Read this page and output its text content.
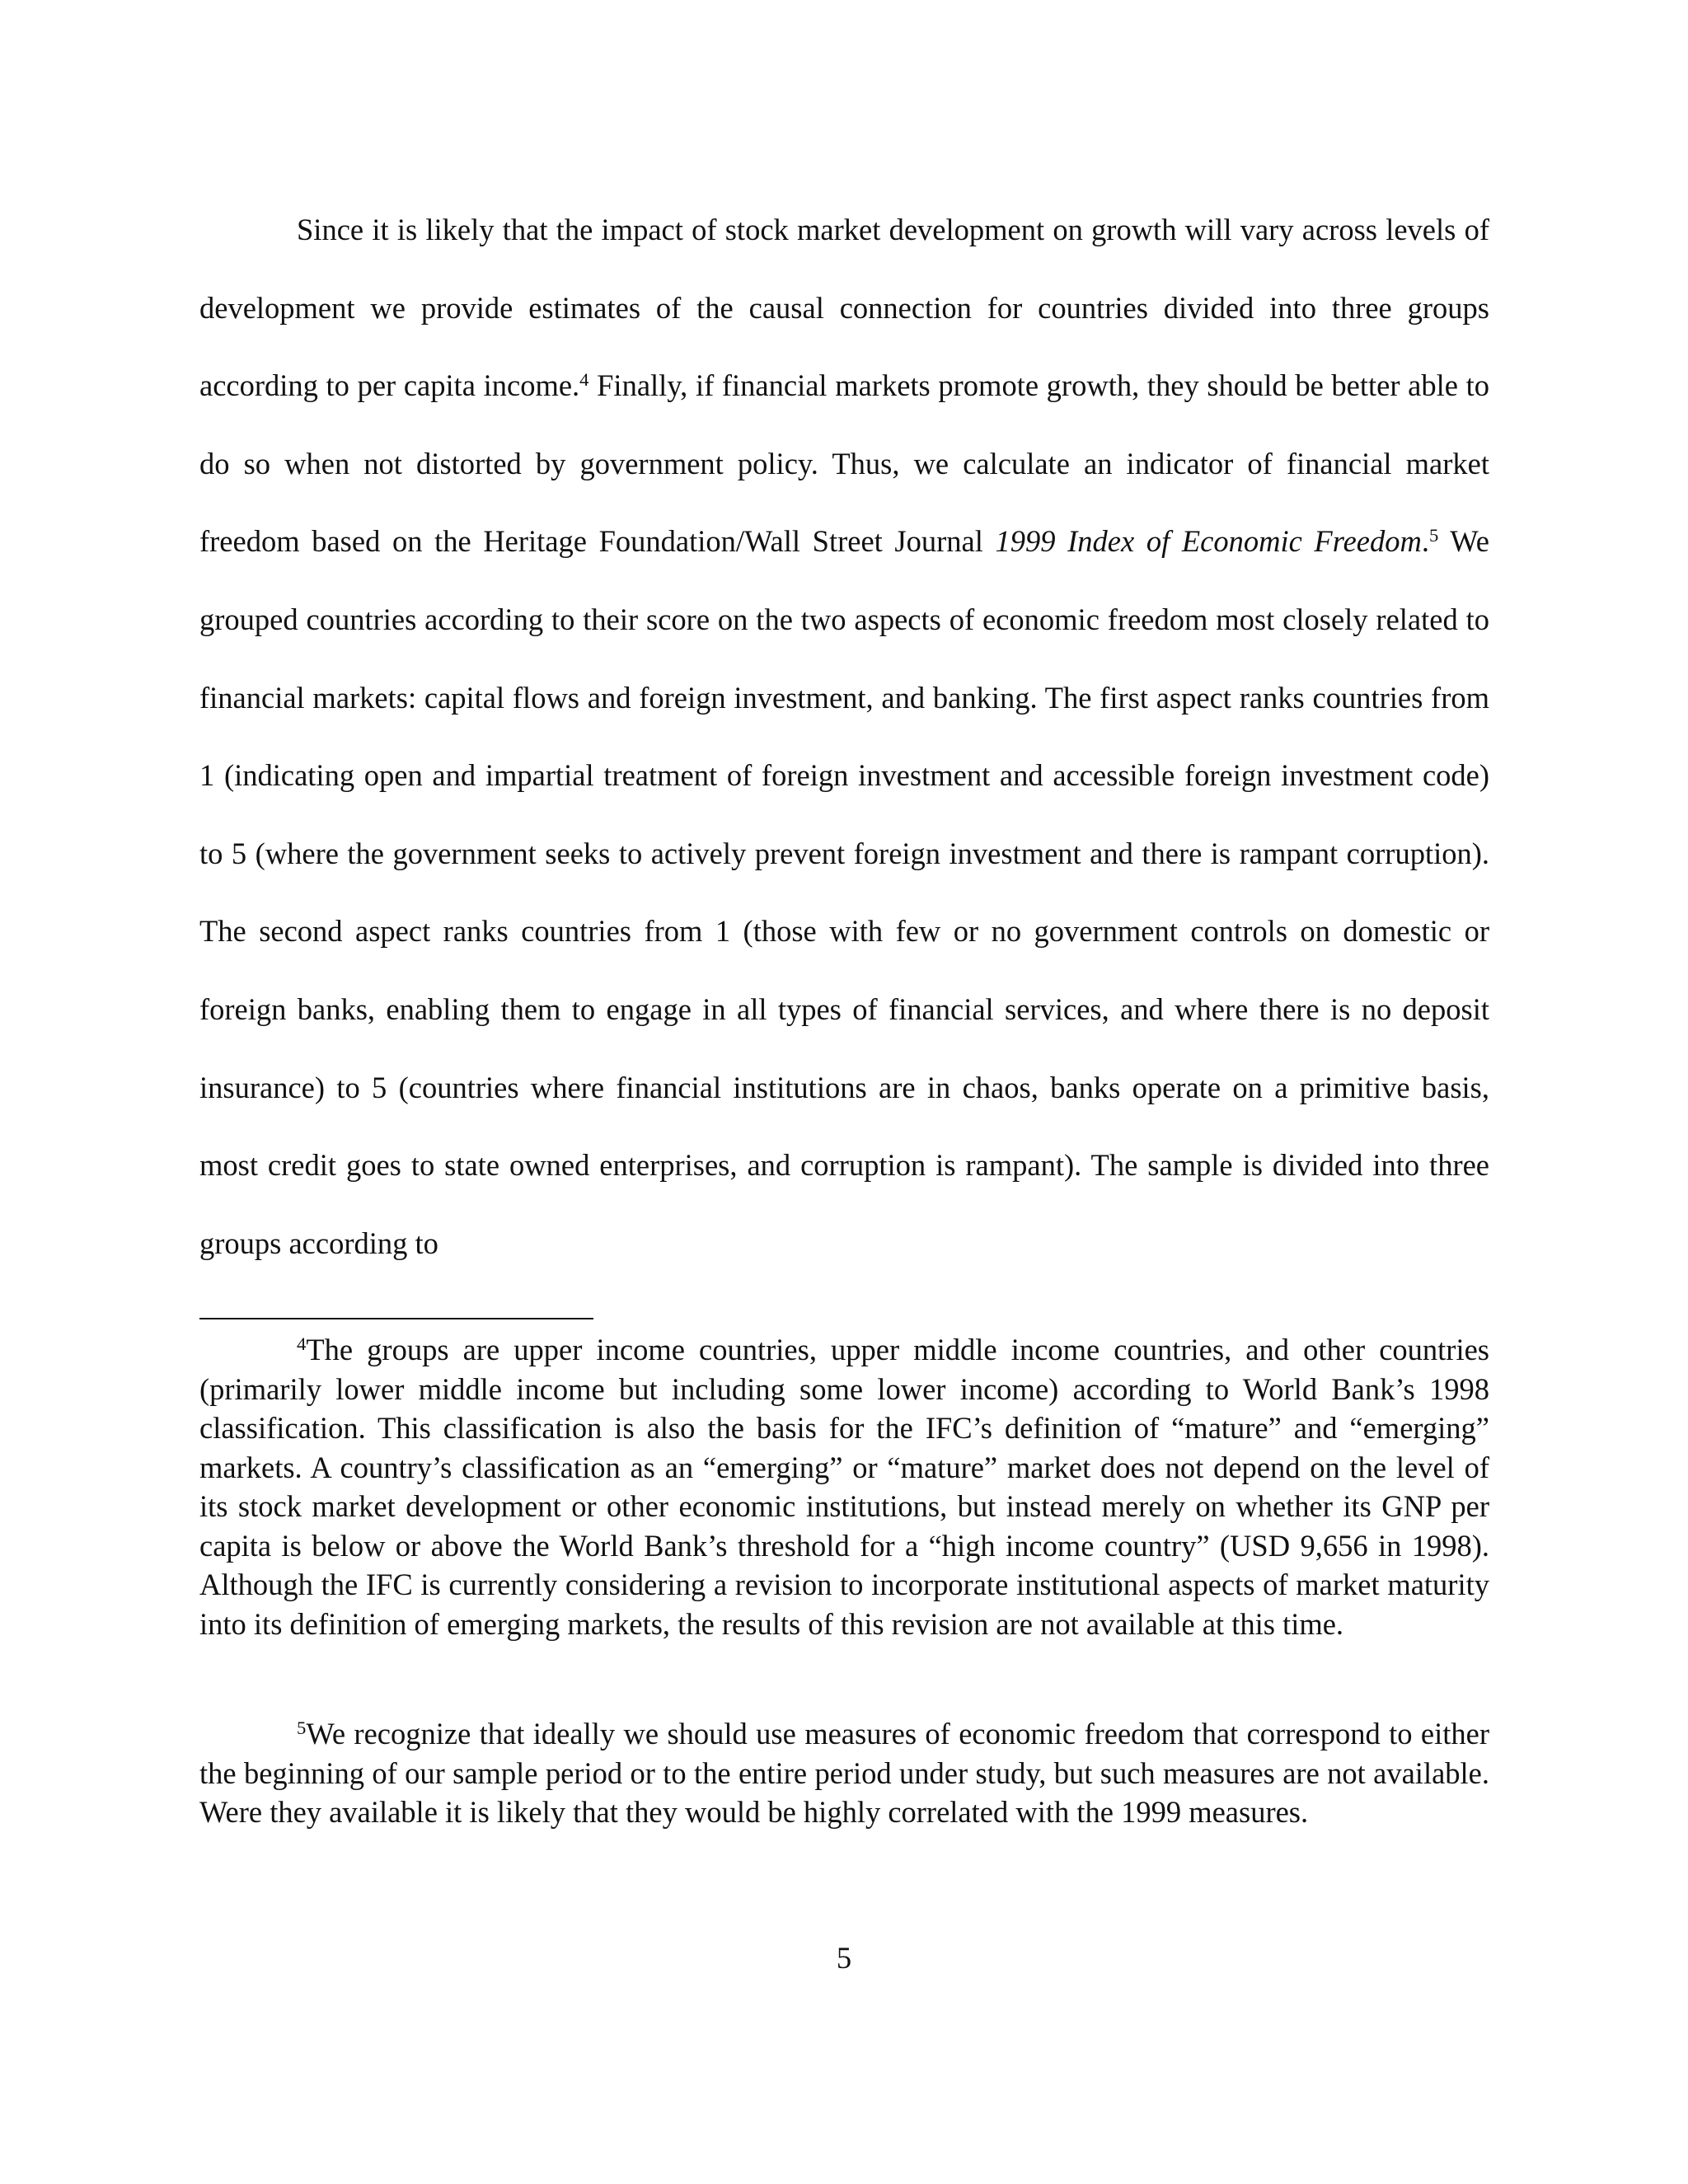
Since it is likely that the impact of stock market development on growth will vary across levels of development we provide estimates of the causal connection for countries divided into three groups according to per capita income.$^4$ Finally, if financial markets promote growth, they should be better able to do so when not distorted by government policy. Thus, we calculate an indicator of financial market freedom based on the Heritage Foundation/Wall Street Journal 1999 Index of Economic Freedom.$^5$ We grouped countries according to their score on the two aspects of economic freedom most closely related to financial markets: capital flows and foreign investment, and banking. The first aspect ranks countries from 1 (indicating open and impartial treatment of foreign investment and accessible foreign investment code) to 5 (where the government seeks to actively prevent foreign investment and there is rampant corruption). The second aspect ranks countries from 1 (those with few or no government controls on domestic or foreign banks, enabling them to engage in all types of financial services, and where there is no deposit insurance) to 5 (countries where financial institutions are in chaos, banks operate on a primitive basis, most credit goes to state owned enterprises, and corruption is rampant). The sample is divided into three groups according to

$^4$The groups are upper income countries, upper middle income countries, and other countries (primarily lower middle income but including some lower income) according to World Bank’s 1998 classification. This classification is also the basis for the IFC’s definition of “mature” and “emerging” markets. A country’s classification as an “emerging” or “mature” market does not depend on the level of its stock market development or other economic institutions, but instead merely on whether its GNP per capita is below or above the World Bank’s threshold for a “high income country” (USD 9,656 in 1998). Although the IFC is currently considering a revision to incorporate institutional aspects of market maturity into its definition of emerging markets, the results of this revision are not available at this time.

$^5$We recognize that ideally we should use measures of economic freedom that correspond to either the beginning of our sample period or to the entire period under study, but such measures are not available. Were they available it is likely that they would be highly correlated with the 1999 measures.

5
